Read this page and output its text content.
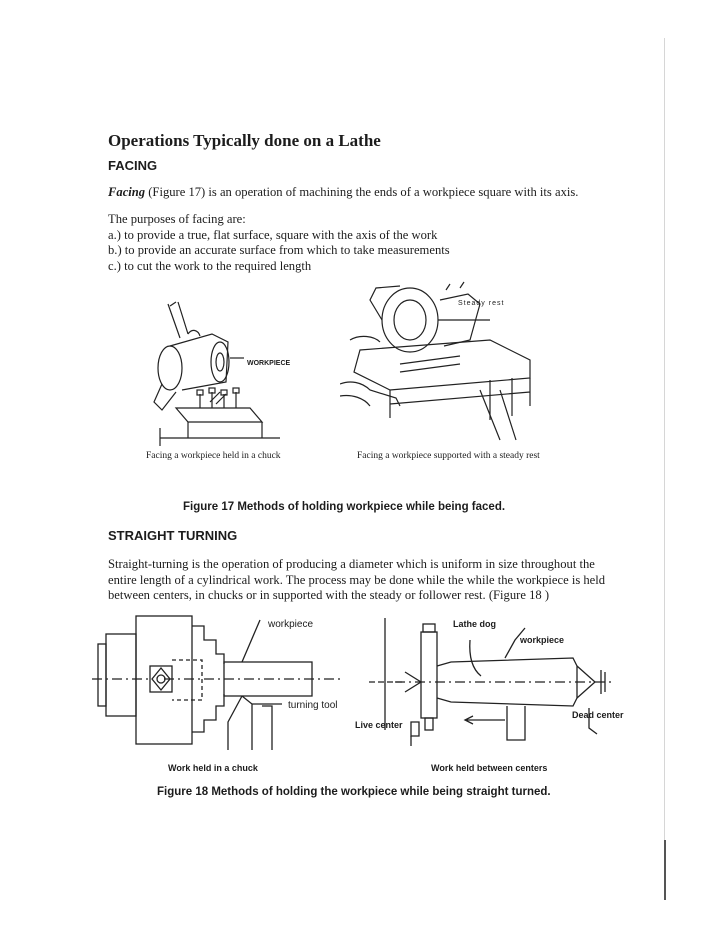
Operations Typically done on a Lathe
FACING
Facing (Figure 17) is an operation of machining the ends of a workpiece square with its axis.
The purposes of facing are:
a.) to provide a true, flat surface, square with the axis of the work
b.) to provide an accurate surface from which to take measurements
c.) to cut the work to the required length
WORKPIECE
Steady rest
Facing a workpiece held in a chuck	Facing a workpiece supported with a steady rest
Figure 17 Methods of holding workpiece while being faced.
STRAIGHT TURNING
Straight-turning is the operation of producing a diameter which is uniform in size throughout the
entire length of a cylindrical work. The process may be done while the while the workpiece is held
between centers, in chucks or in supported with the steady or follower rest. (Figure 18 )
workpiece
turning tool
Lathe dog
workpiece
Live center
Dead center
Work held in a chuck	Work held between centers
Figure 18 Methods of holding the workpiece while being straight turned.
